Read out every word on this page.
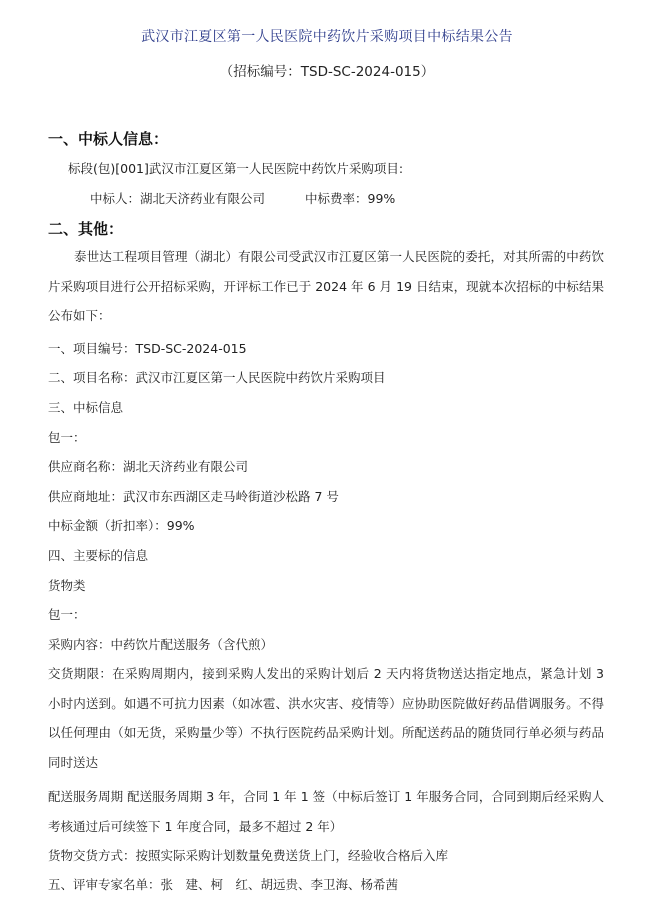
武汉市江夏区第一人民医院中药饮片采购项目中标结果公告
（招标编号：TSD-SC-2024-015）
一、中标人信息：
标段(包)[001]武汉市江夏区第一人民医院中药饮片采购项目:
中标人：湖北天济药业有限公司	中标费率：99%
二、其他：
泰世达工程项目管理（湖北）有限公司受武汉市江夏区第一人民医院的委托，对其所需的中药饮片采购项目进行公开招标采购，开评标工作已于 2024 年 6 月 19 日结束，现就本次招标的中标结果公布如下：
一、项目编号：TSD-SC-2024-015
二、项目名称：武汉市江夏区第一人民医院中药饮片采购项目
三、中标信息
包一：
供应商名称：湖北天济药业有限公司
供应商地址：武汉市东西湖区走马岭街道沙松路 7 号
中标金额（折扣率）：99%
四、主要标的信息
货物类
包一：
采购内容：中药饮片配送服务（含代煎）
交货期限：在采购周期内，接到采购人发出的采购计划后 2 天内将货物送达指定地点，紧急计划 3 小时内送到。如遇不可抗力因素（如冰雹、洪水灾害、疫情等）应协助医院做好药品借调服务。不得以任何理由（如无货，采购量少等）不执行医院药品采购计划。所配送药品的随货同行单必须与药品同时送达
配送服务周期 配送服务周期 3 年，合同 1 年 1 签（中标后签订 1 年服务合同，合同到期后经采购人考核通过后可续签下 1 年度合同，最多不超过 2 年）
货物交货方式：按照实际采购计划数量免费送货上门，经验收合格后入库
五、评审专家名单：张　建、柯　红、胡远贵、李卫海、杨希茜
